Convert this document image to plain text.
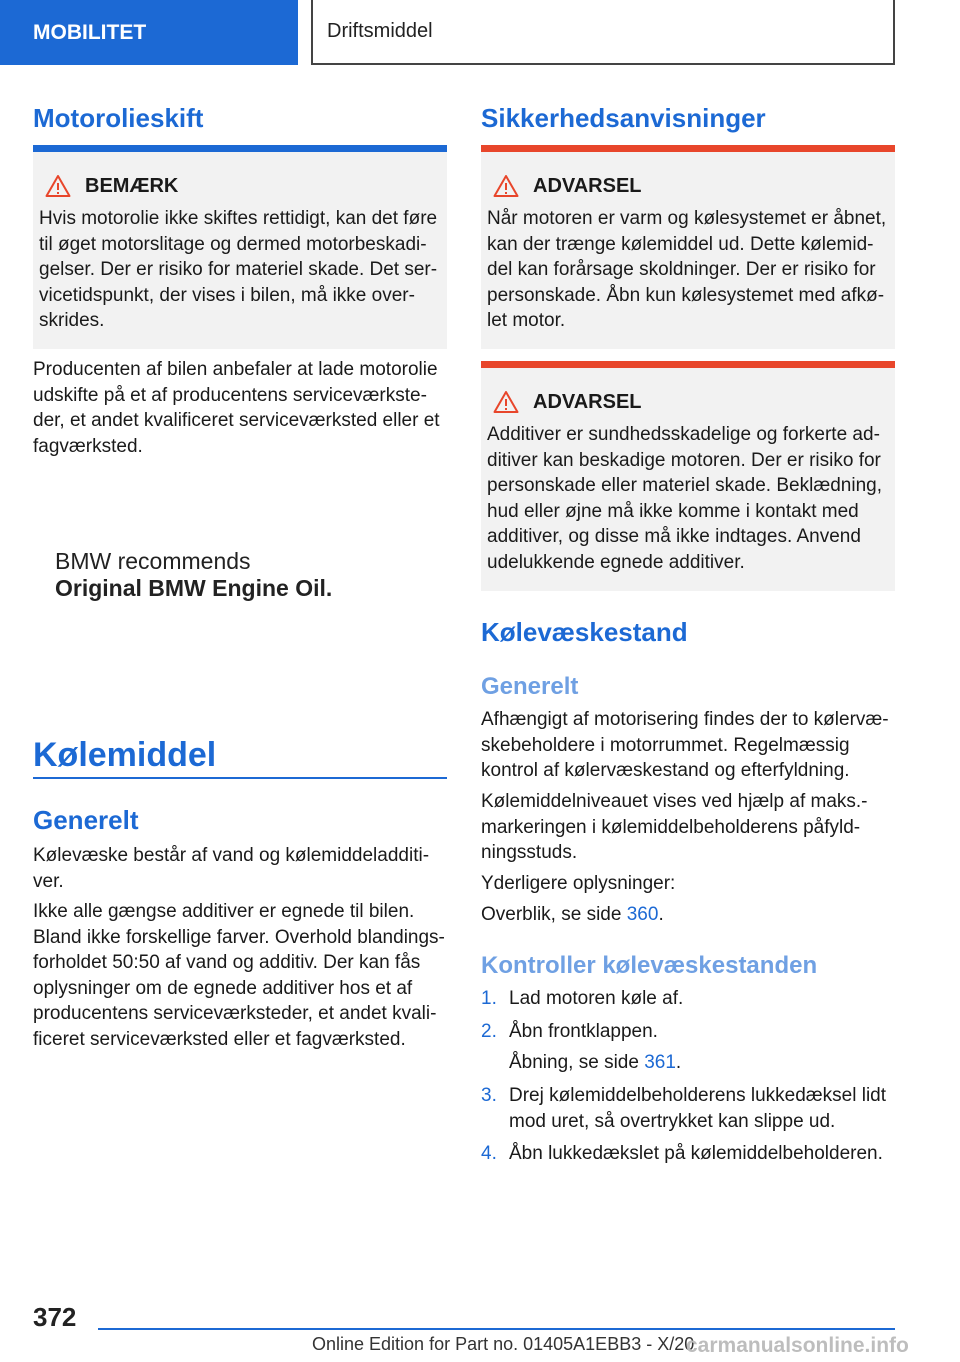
MOBILITET	Driftsmiddel
Motorolieskift
BEMÆRK

Hvis motorolie ikke skiftes rettidigt, kan det føre til øget motorslitage og dermed motorbeskadi-gelser. Der er risiko for materiel skade. Det ser-vicetidspunkt, der vises i bilen, må ikke over-skrides.

Producenten af bilen anbefaler at lade motorolie udskifte på et af producentens serviceværkste-der, et andet kvalificeret serviceværksted eller et fagværksted.

BMW recommends
Original BMW Engine Oil.
Kølemiddel
Generelt

Kølevæske består af vand og kølemiddeladditi-ver.

Ikke alle gængse additiver er egnede til bilen. Bland ikke forskellige farver. Overhold blandings-forholdet 50:50 af vand og additiv. Der kan fås oplysninger om de egnede additiver hos et af producentens serviceværksteder, et andet kvali-ficeret serviceværksted eller et fagværksted.

Sikkerhedsanvisninger
ADVARSEL

Når motoren er varm og kølesystemet er åbnet, kan der trænge kølemiddel ud. Dette kølemid-del kan forårsage skoldninger. Der er risiko for personskade. Åbn kun kølesystemet med afkø-let motor.

ADVARSEL

Additiver er sundhedsskadelige og forkerte ad-ditiver kan beskadige motoren. Der er risiko for personskade eller materiel skade. Beklædning, hud eller øjne må ikke komme i kontakt med additiver, og disse må ikke indtages. Anvend udelukkende egnede additiver.

Kølevæskestand
Generelt

Afhængigt af motorisering findes der to kølervæ-skebeholdere i motorrummet. Regelmæssig kontrol af kølervæskestand og efterfyldning.

Kølemiddelniveauet vises ved hjælp af maks.-markeringen i kølemiddelbeholderens påfyld-ningsstuds.

Yderligere oplysninger:

Overblik, se side 360.

Kontroller kølevæskestanden
1. Lad motoren køle af.
2. Åbn frontklappen.

Åbning, se side 361.

3. Drej kølemiddelbeholderens lukkedæksel lidt mod uret, så overtrykket kan slippe ud.
4. Åbn lukkedækslet på kølemiddelbeholderen.
372
Online Edition for Part no. 01405A1EBB3 - X/20
carmanualsonline.info
